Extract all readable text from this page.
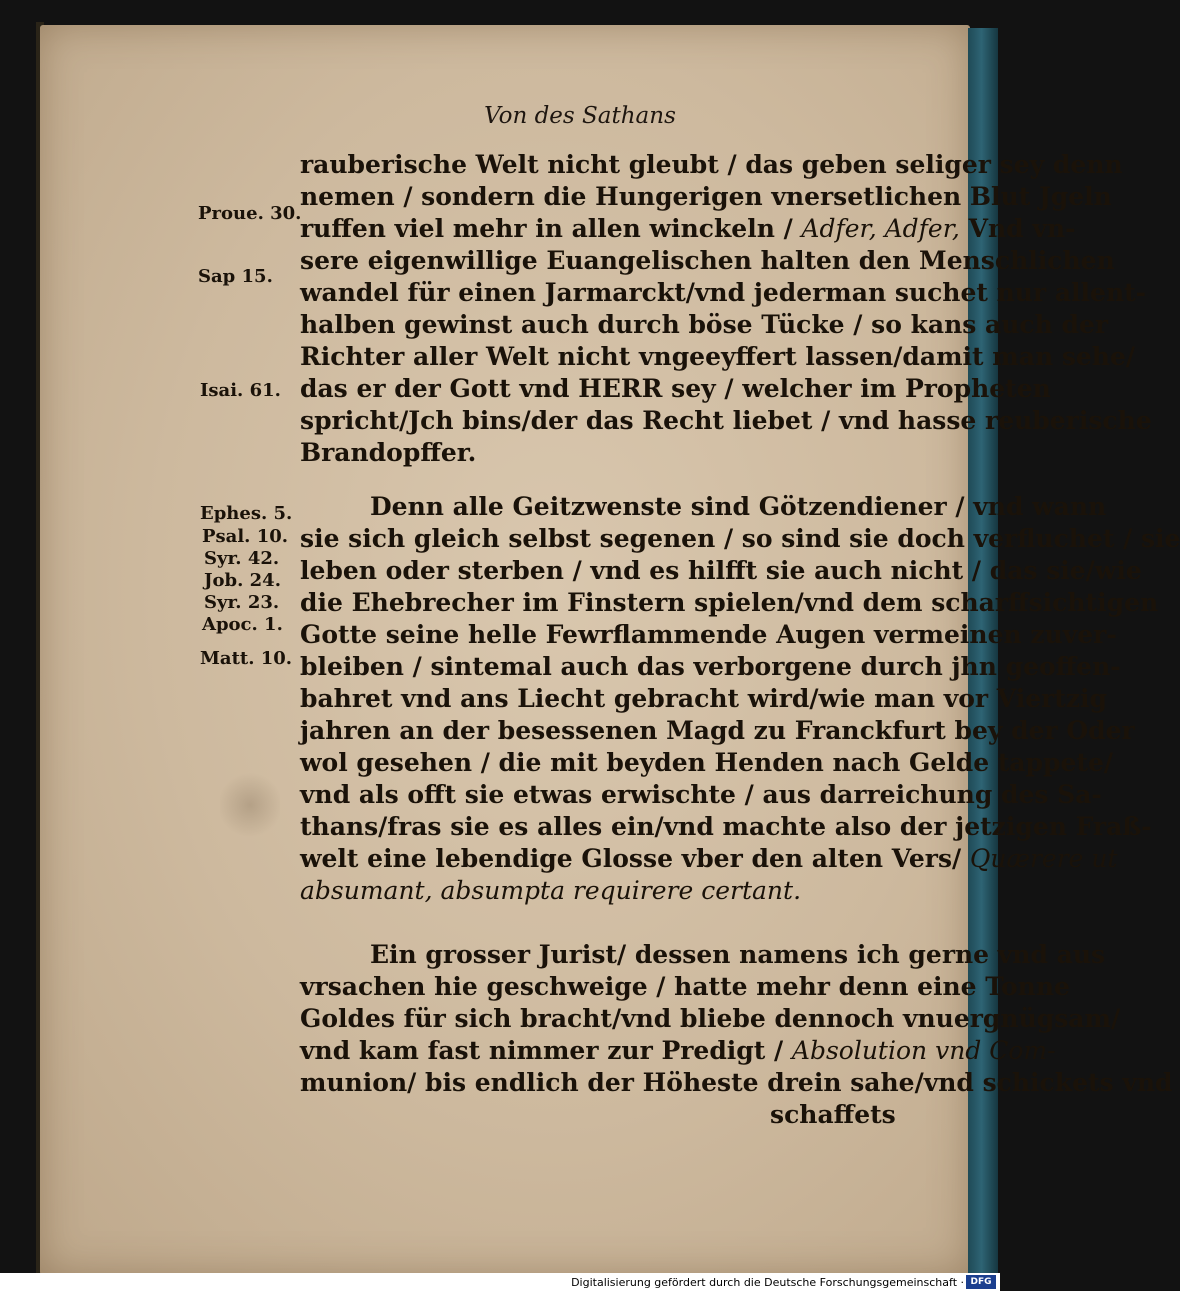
Von des Sathans
Proue. 30.
Sap 15.
Isai. 61.
Ephes. 5.
Psal. 10.
Syr. 42.
Job. 24.
Syr. 23.
Apoc. 1.
Matt. 10.
rauberische Welt nicht gleubt / das geben seliger sey denn
nemen / sondern die Hungerigen vnersetlichen Blut Jgeln
ruffen viel mehr in allen winckeln / Adfer, Adfer, Vnd vn-
sere eigenwillige Euangelischen halten den Menschlichen
wandel für einen Jarmarckt/vnd jederman suchet nur allent-
halben gewinst auch durch böse Tücke / so kans auch der
Richter aller Welt nicht vngeeyffert lassen/damit man sehe/
das er der Gott vnd HERR sey / welcher im Propheten
spricht/Jch bins/der das Recht liebet / vnd hasse reuberische
Brandopffer.
Denn alle Geitzwenste sind Götzendiener / vnd wann
sie sich gleich selbst segenen / so sind sie doch verfluchet / sie
leben oder sterben / vnd es hilfft sie auch nicht / das sie/wie
die Ehebrecher im Finstern spielen/vnd dem scharffsichtigen
Gotte seine helle Fewrflammende Augen vermeinen zuver-
bleiben / sintemal auch das verborgene durch jhn geoffen-
bahret vnd ans Liecht gebracht wird/wie man vor Viertzig
jahren an der besessenen Magd zu Franckfurt bey der Oder
wol gesehen / die mit beyden Henden nach Gelde tappete/
vnd als offt sie etwas erwischte / aus darreichung des Sa-
thans/fras sie es alles ein/vnd machte also der jetzigen Fraß-
welt eine lebendige Glosse vber den alten Vers/ Quærere ut
absumant, absumpta requirere certant.
Ein grosser Jurist/ dessen namens ich gerne vnd aus
vrsachen hie geschweige / hatte mehr denn eine Tonne
Goldes für sich bracht/vnd bliebe dennoch vnuergnügsam/
vnd kam fast nimmer zur Predigt / Absolution vnd Com-
munion/ bis endlich der Höheste drein sahe/vnd schickets vnd
schaffets
Digitalisierung gefördert durch die Deutsche Forschungsgemeinschaft · DFG
